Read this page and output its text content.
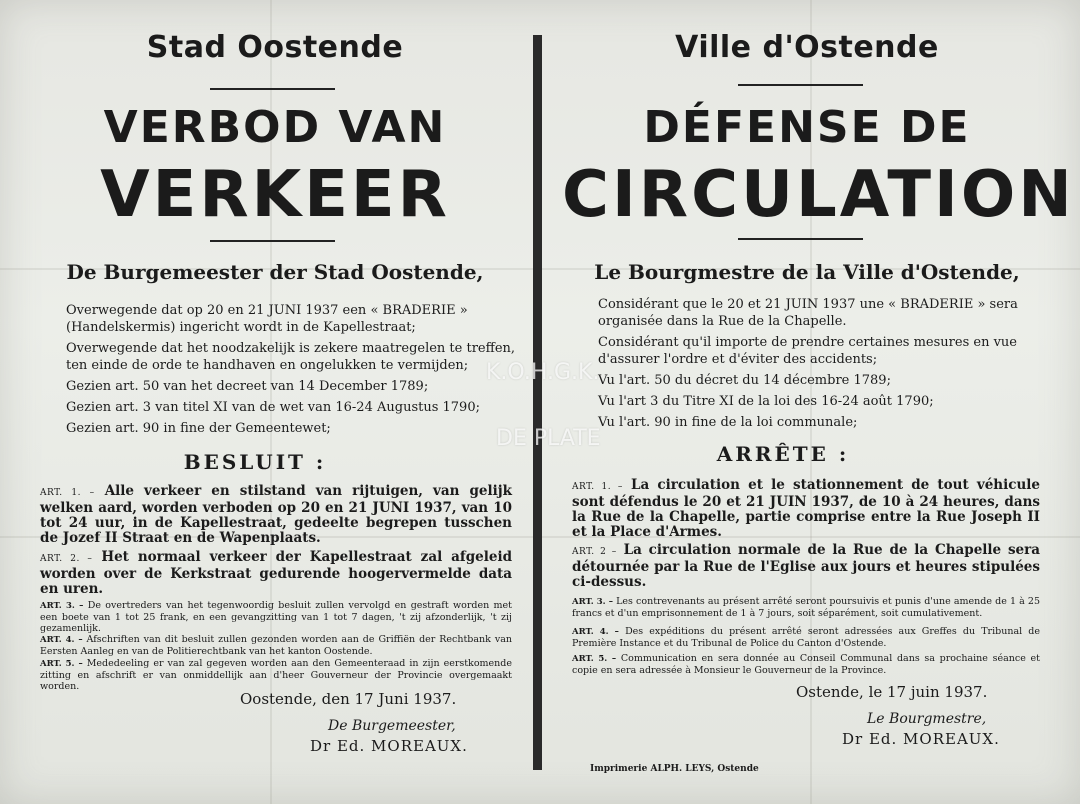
Stad Oostende
VERBOD VAN
VERKEER
De Burgemeester der Stad Oostende,
Overwegende dat op 20 en 21 JUNI 1937 een « BRADERIE » (Handelskermis) ingericht wordt in de Kapellestraat;
Overwegende dat het noodzakelijk is zekere maatregelen te treffen, ten einde de orde te handhaven en ongelukken te vermijden;
Gezien art. 50 van het decreet van 14 December 1789;
Gezien art. 3 van titel XI van de wet van 16-24 Augustus 1790;
Gezien art. 90 in fine der Gemeentewet;
BESLUIT :
ART. 1. – Alle verkeer en stilstand van rijtuigen, van gelijk welken aard, worden verboden op 20 en 21 JUNI 1937, van 10 tot 24 uur, in de Kapellestraat, gedeelte begrepen tusschen de Jozef II Straat en de Wapenplaats.
ART. 2. – Het normaal verkeer der Kapellestraat zal afgeleid worden over de Kerkstraat gedurende hoogervermelde data en uren.
ART. 3. – De overtreders van het tegenwoordig besluit zullen vervolgd en gestraft worden met een boete van 1 tot 25 frank, en een gevangzitting van 1 tot 7 dagen, 't zij afzonderlijk, 't zij gezamenlijk.
ART. 4. – Afschriften van dit besluit zullen gezonden worden aan de Griffiën der Rechtbank van Eersten Aanleg en van de Politierechtbank van het kanton Oostende.
ART. 5. – Mededeeling er van zal gegeven worden aan den Gemeenteraad in zijn eerstkomende zitting en afschrift er van onmiddellijk aan d'heer Gouverneur der Provincie overgemaakt worden.
Oostende, den 17 Juni 1937.
De Burgemeester,
Dr Ed. MOREAUX.
Ville d'Ostende
DÉFENSE DE
CIRCULATION
Le Bourgmestre de la Ville d'Ostende,
Considérant que le 20 et 21 JUIN 1937 une « BRADERIE » sera organisée dans la Rue de la Chapelle.
Considérant qu'il importe de prendre certaines mesures en vue d'assurer l'ordre et d'éviter des accidents;
Vu l'art. 50 du décret du 14 décembre 1789;
Vu l'art 3 du Titre XI de la loi des 16-24 août 1790;
Vu l'art. 90 in fine de la loi communale;
ARRÊTE :
ART. 1. – La circulation et le stationnement de tout véhicule sont défendus le 20 et 21 JUIN 1937, de 10 à 24 heures, dans la Rue de la Chapelle, partie comprise entre la Rue Joseph II et la Place d'Armes.
ART. 2 – La circulation normale de la Rue de la Chapelle sera détournée par la Rue de l'Eglise aux jours et heures stipulées ci-dessus.
ART. 3. – Les contrevenants au présent arrêté seront poursuivis et punis d'une amende de 1 à 25 francs et d'un emprisonnement de 1 à 7 jours, soit séparément, soit cumulativement.
ART. 4. – Des expéditions du présent arrêté seront adressées aux Greffes du Tribunal de Première Instance et du Tribunal de Police du Canton d'Ostende.
ART. 5. – Communication en sera donnée au Conseil Communal dans sa prochaine séance et copie en sera adressée à Monsieur le Gouverneur de la Province.
Ostende, le 17 juin 1937.
Le Bourgmestre,
Dr Ed. MOREAUX.
Imprimerie ALPH. LEYS, Ostende
K.O.H.G.K.
DE PLATE
